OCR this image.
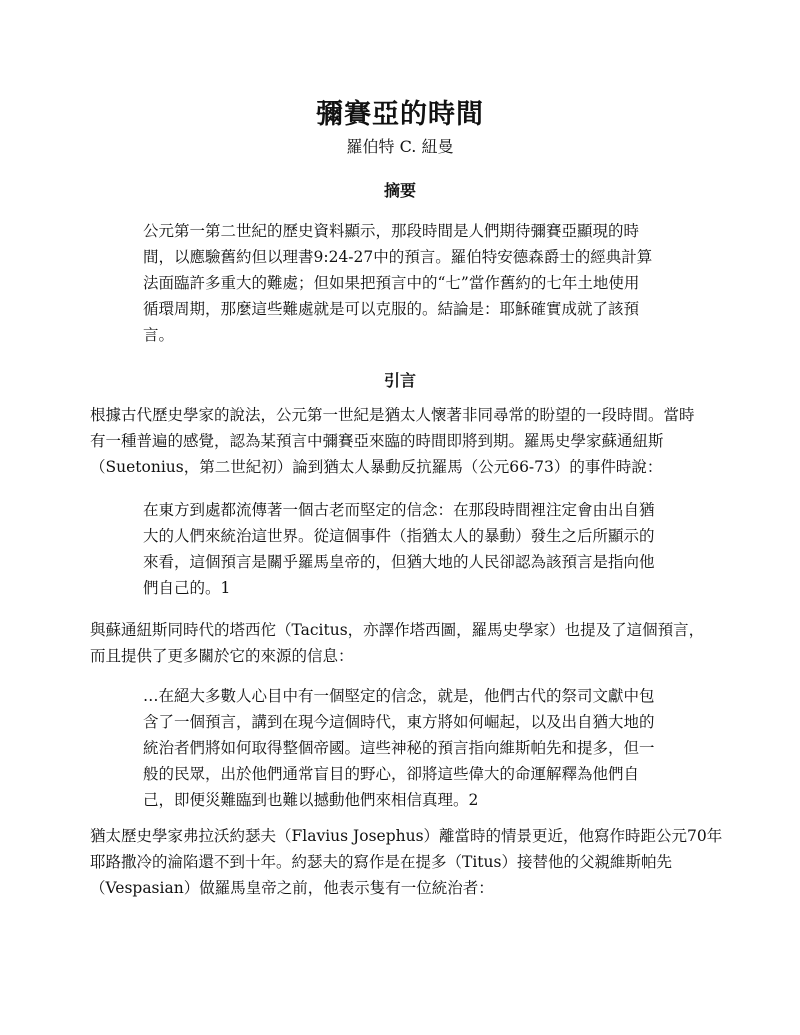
彌賽亞的時間
羅伯特 C. 紐曼
摘要
公元第一第二世紀的歷史資料顯示，那段時間是人們期待彌賽亞顯現的時
間，以應驗舊約但以理書9:24-27中的預言。羅伯特安德森爵士的經典計算
法面臨許多重大的難處；但如果把預言中的“七”當作舊約的七年土地使用
循環周期，那麼這些難處就是可以克服的。結論是：耶穌確實成就了該預
言。
引言
根據古代歷史學家的說法，公元第一世紀是猶太人懷著非同尋常的盼望的一段時間。當時
有一種普遍的感覺，認為某預言中彌賽亞來臨的時間即將到期。羅馬史學家蘇通紐斯
（Suetonius，第二世紀初）論到猶太人暴動反抗羅馬（公元66-73）的事件時說：
在東方到處都流傳著一個古老而堅定的信念：在那段時間裡注定會由出自猶
大的人們來統治這世界。從這個事件（指猶太人的暴動）發生之后所顯示的
來看，這個預言是關乎羅馬皇帝的，但猶大地的人民卻認為該預言是指向他
們自己的。1
與蘇通紐斯同時代的塔西佗（Tacitus，亦譯作塔西圖，羅馬史學家）也提及了這個預言，
而且提供了更多關於它的來源的信息：
…在絕大多數人心目中有一個堅定的信念，就是，他們古代的祭司文獻中包
含了一個預言，講到在現今這個時代，東方將如何崛起，以及出自猶大地的
統治者們將如何取得整個帝國。這些神秘的預言指向維斯帕先和提多，但一
般的民眾，出於他們通常盲目的野心，卻將這些偉大的命運解釋為他們自
己，即便災難臨到也難以撼動他們來相信真理。2
猶太歷史學家弗拉沃約瑟夫（Flavius Josephus）離當時的情景更近，他寫作時距公元70年
耶路撒冷的淪陷還不到十年。約瑟夫的寫作是在提多（Titus）接替他的父親維斯帕先
（Vespasian）做羅馬皇帝之前，他表示隻有一位統治者：
